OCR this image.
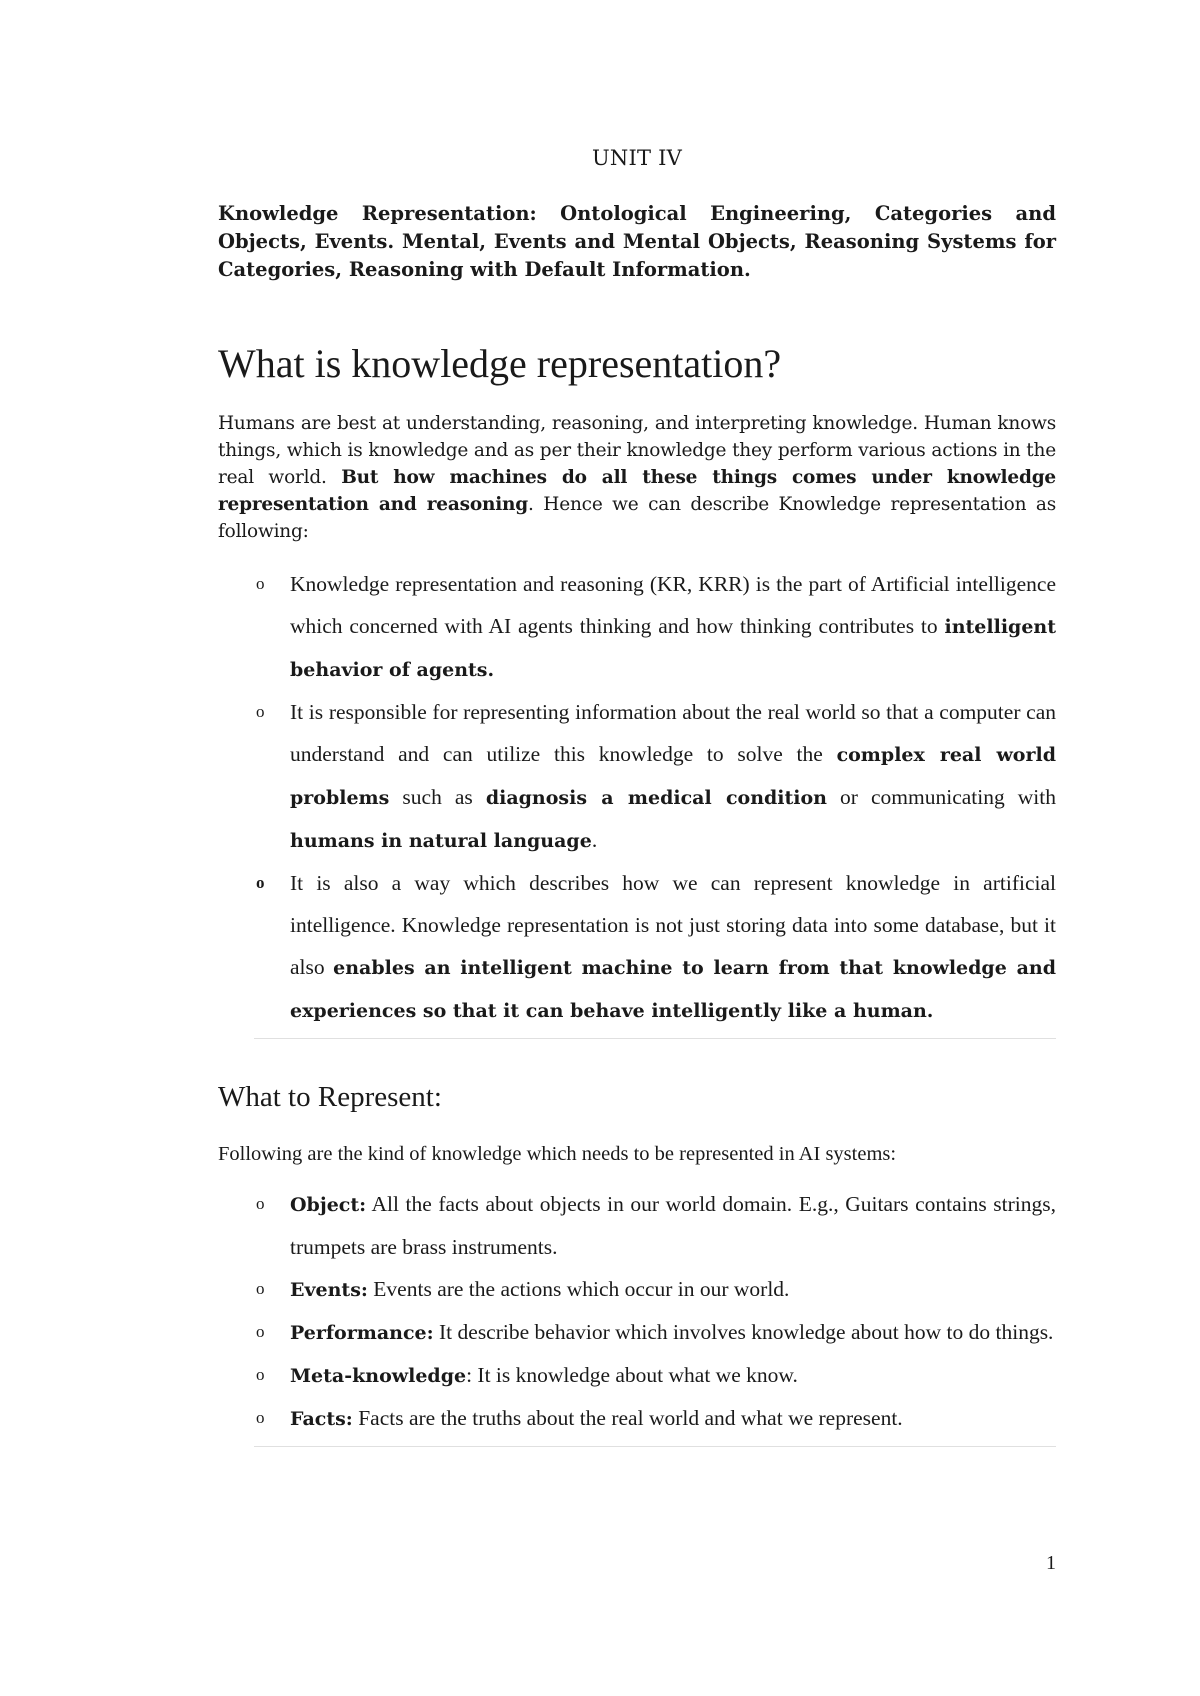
UNIT IV
Knowledge Representation: Ontological Engineering, Categories and Objects, Events. Mental, Events and Mental Objects, Reasoning Systems for Categories, Reasoning with Default Information.
What is knowledge representation?

Humans are best at understanding, reasoning, and interpreting knowledge. Human knows things, which is knowledge and as per their knowledge they perform various actions in the real world. But how machines do all these things comes under knowledge representation and reasoning. Hence we can describe Knowledge representation as following:

o Knowledge representation and reasoning (KR, KRR) is the part of Artificial intelligence which concerned with AI agents thinking and how thinking contributes to intelligent behavior of agents.
o It is responsible for representing information about the real world so that a computer can understand and can utilize this knowledge to solve the complex real world problems such as diagnosis a medical condition or communicating with humans in natural language.
o It is also a way which describes how we can represent knowledge in artificial intelligence. Knowledge representation is not just storing data into some database, but it also enables an intelligent machine to learn from that knowledge and experiences so that it can behave intelligently like a human.
What to Represent:

Following are the kind of knowledge which needs to be represented in AI systems:

o Object: All the facts about objects in our world domain. E.g., Guitars contains strings, trumpets are brass instruments.
o Events: Events are the actions which occur in our world.
o Performance: It describe behavior which involves knowledge about how to do things.
o Meta-knowledge: It is knowledge about what we know.
o Facts: Facts are the truths about the real world and what we represent.
1
